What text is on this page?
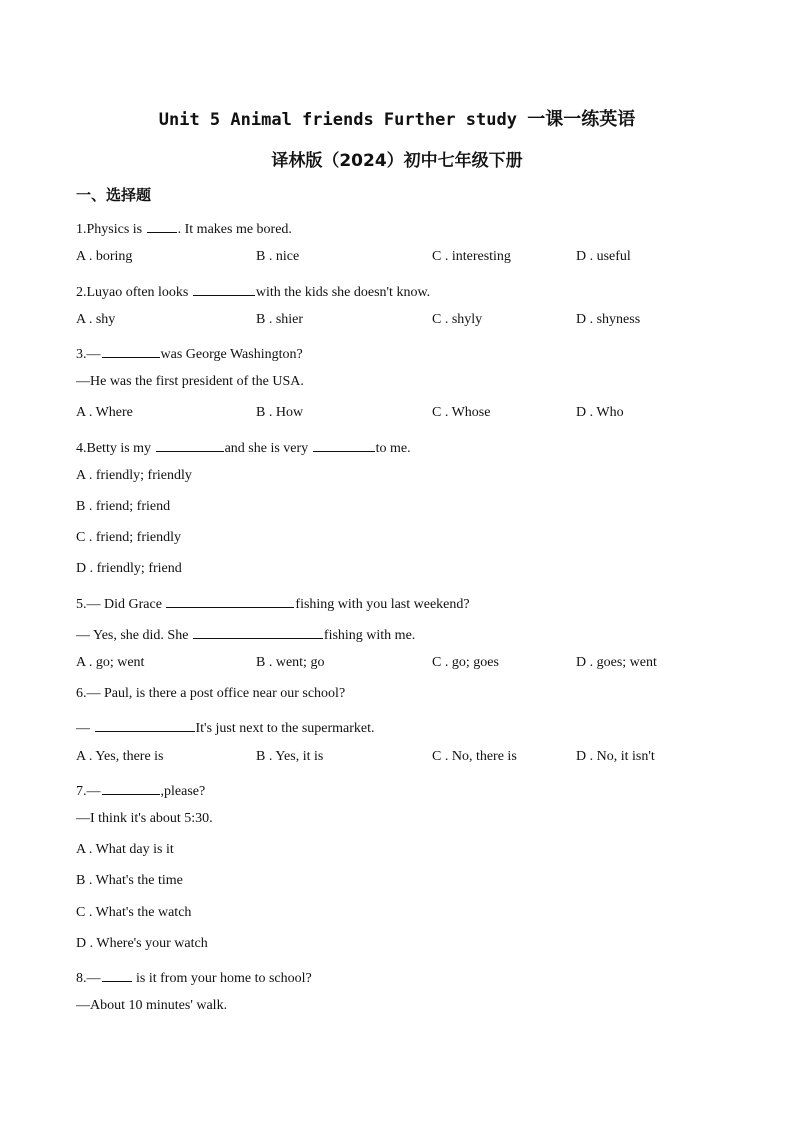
Unit 5 Animal friends Further study 一课一练英语
译林版（2024）初中七年级下册
一、选择题
1.Physics is . It makes me bored.
A . boring	B . nice	C . interesting	D . useful
2.Luyao often looks	with the kids she doesn't know.
A . shy	B . shier	C . shyly	D . shyness
3.—	was George Washington?
—He was the first president of the USA.
A . Where	B . How	C . Whose	D . Who
4.Betty is my	and she is very	to me.
A . friendly; friendly
B . friend; friend
C . friend; friendly
D . friendly; friend
5.— Did Grace	fishing with you last weekend?
— Yes, she did. She	fishing with me.
A . go; went	B . went; go	C . go; goes	D . goes; went
6.— Paul, is there a post office near our school?
—	It's just next to the supermarket.
A . Yes, there is	B . Yes, it is	C . No, there is	D . No, it isn't
7.—	,please?
—I think it's about 5:30.
A . What day is it
B . What's the time
C . What's the watch
D . Where's your watch
8.— is it from your home to school?
—About 10 minutes' walk.
